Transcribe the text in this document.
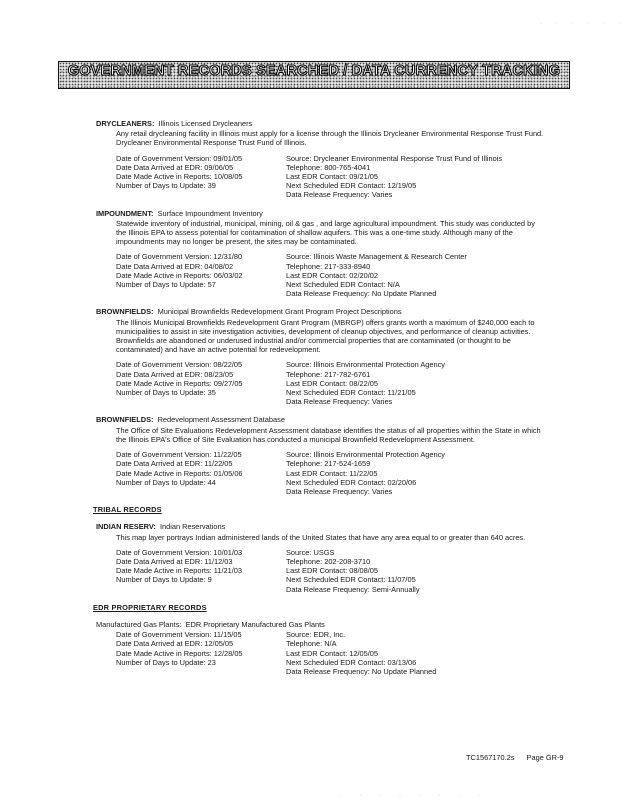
· · · · · ·
GOVERNMENT RECORDS SEARCHED / DATA CURRENCY TRACKING
DRYCLEANERS: Illinois Licensed Drycleaners
Any retail drycleaning facility in Illinois must apply for a license through the Illinois Drycleaner Environmental Response Trust Fund. Drycleaner Environmental Response Trust Fund of Illinois.
Date of Government Version: 09/01/05
Date Data Arrived at EDR: 09/06/05
Date Made Active in Reports: 10/08/05
Number of Days to Update: 39
Source: Drycleaner Environmental Response Trust Fund of Illinois
Telephone: 800-765-4041
Last EDR Contact: 09/21/05
Next Scheduled EDR Contact: 12/19/05
Data Release Frequency: Varies
IMPOUNDMENT: Surface Impoundment Inventory
Statewide inventory of industrial, municipal, mining, oil & gas , and large agricultural impoundment. This study was conducted by the Illinois EPA to assess potential for contamination of shallow aquifers. This was a one-time study. Although many of the impoundments may no longer be present, the sites may be contaminated.
Date of Government Version: 12/31/80
Date Data Arrived at EDR: 04/08/02
Date Made Active in Reports: 06/03/02
Number of Days to Update: 57
Source: Illinois Waste Management & Research Center
Telephone: 217-333-8940
Last EDR Contact: 02/20/02
Next Scheduled EDR Contact: N/A
Data Release Frequency: No Update Planned
BROWNFIELDS: Municipal Brownfields Redevelopment Grant Program Project Descriptions
The Illinois Municipal Brownfields Redevelopment Grant Program (MBRGP) offers grants worth a maximum of $240,000 each to municipalities to assist in site investigation activities, development of cleanup objectives, and performance of cleanup activities. Brownfields are abandoned or underused industrial and/or commercial properties that are contaminated (or thought to be contaminated) and have an active potential for redevelopment.
Date of Government Version: 08/22/05
Date Data Arrived at EDR: 08/23/05
Date Made Active in Reports: 09/27/05
Number of Days to Update: 35
Source: Illinois Environmental Protection Agency
Telephone: 217-782-6761
Last EDR Contact: 08/22/05
Next Scheduled EDR Contact: 11/21/05
Data Release Frequency: Varies
BROWNFIELDS: Redevelopment Assessment Database
The Office of Site Evaluations Redevelopment Assessment database identifies the status of all properties within the State in which the Illinois EPA's Office of Site Evaluation has conducted a municipal Brownfield Redevelopment Assessment.
Date of Government Version: 11/22/05
Date Data Arrived at EDR: 11/22/05
Date Made Active in Reports: 01/05/06
Number of Days to Update: 44
Source: Illinois Environmental Protection Agency
Telephone: 217-524-1659
Last EDR Contact: 11/22/05
Next Scheduled EDR Contact: 02/20/06
Data Release Frequency: Varies
TRIBAL RECORDS
INDIAN RESERV: Indian Reservations
This map layer portrays Indian administered lands of the United States that have any area equal to or greater than 640 acres.
Date of Government Version: 10/01/03
Date Data Arrived at EDR: 11/12/03
Date Made Active in Reports: 11/21/03
Number of Days to Update: 9
Source: USGS
Telephone: 202-208-3710
Last EDR Contact: 08/08/05
Next Scheduled EDR Contact: 11/07/05
Data Release Frequency: Semi-Annually
EDR PROPRIETARY RECORDS
Manufactured Gas Plants: EDR Proprietary Manufactured Gas Plants
Date of Government Version: 11/15/05
Date Data Arrived at EDR: 12/05/05
Date Made Active in Reports: 12/28/05
Number of Days to Update: 23
Source: EDR, Inc.
Telephone: N/A
Last EDR Contact: 12/05/05
Next Scheduled EDR Contact: 03/13/06
Data Release Frequency: No Update Planned
TC1567170.2s Page GR-9
· · · · · · · ·
